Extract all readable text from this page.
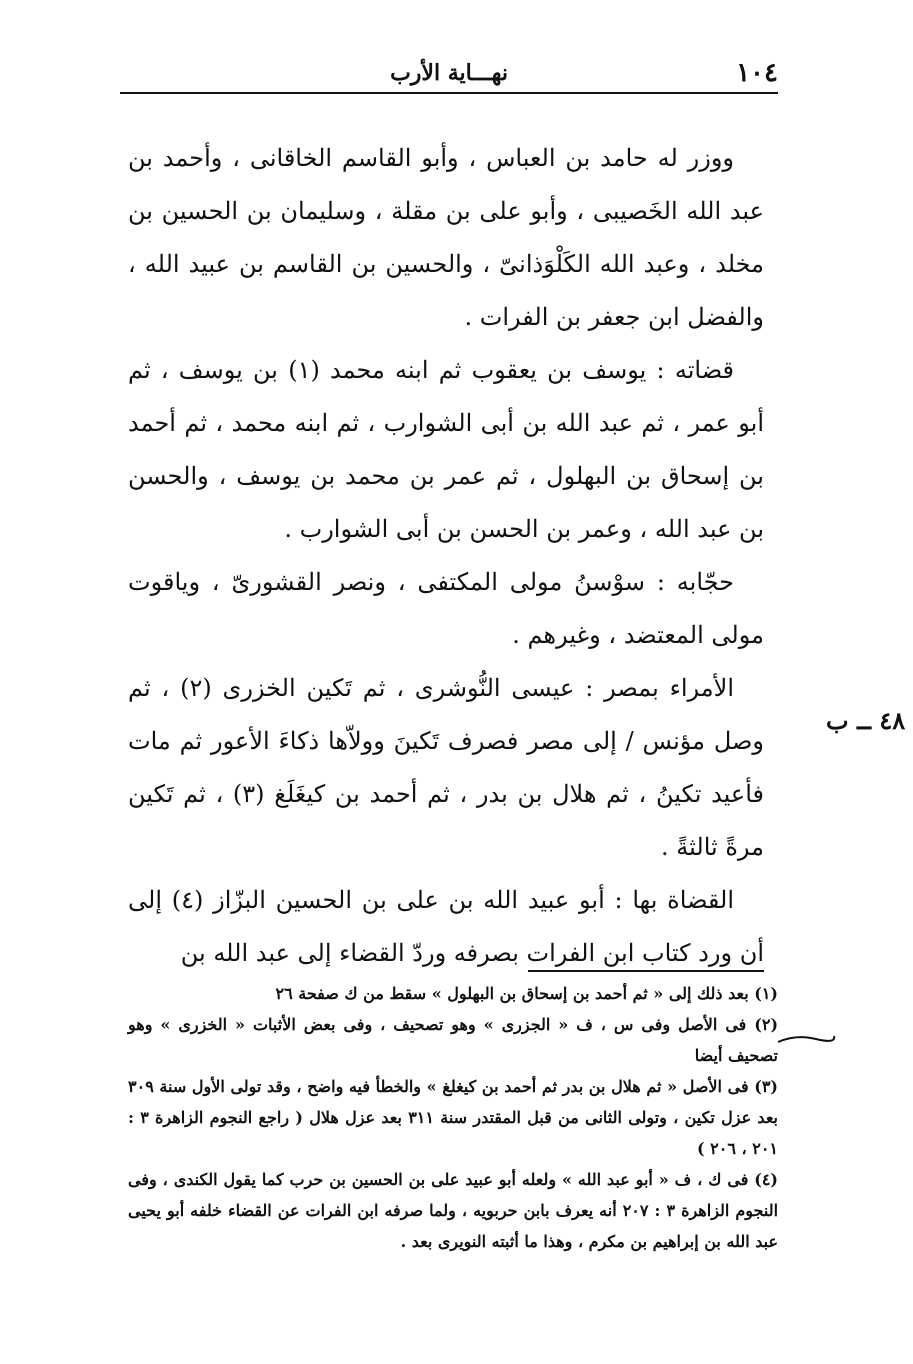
١٠٤
نهـــاية الأرب
٤٨ ــ ب

ووزر له حامد بن العباس ، وأبو القاسم الخاقانى ، وأحمد بن عبد الله الخَصيبى ، وأبو على بن مقلة ، وسليمان بن الحسين بن مخلد ، وعبد الله الكَلْوَذانىّ ، والحسين بن القاسم بن عبيد الله ، والفضل ابن جعفر بن الفرات .

قضاته : يوسف بن يعقوب ثم ابنه محمد (١) بن يوسف ، ثم أبو عمر ، ثم عبد الله بن أبى الشوارب ، ثم ابنه محمد ، ثم أحمد بن إسحاق بن البهلول ، ثم عمر بن محمد بن يوسف ، والحسن بن عبد الله ، وعمر بن الحسن بن أبى الشوارب .

حجّابه : سوْسنُ مولى المكتفى ، ونصر القشورىّ ، وياقوت مولى المعتضد ، وغيرهم .

الأمراء بمصر : عيسى النُّوشرى ، ثم تَكين الخزرى (٢) ، ثم وصل مؤنس / إلى مصر فصرف تَكينَ وولاّها ذكاءَ الأعور ثم مات فأعيد تكينُ ، ثم هلال بن بدر ، ثم أحمد بن كيغَلَغ (٣) ، ثم تَكين مرةً ثالثةً .

القضاة بها : أبو عبيد الله بن على بن الحسين البزّاز (٤) إلى أن ورد كتاب ابن الفرات بصرفه وردّ القضاء إلى عبد الله بن

(١) بعد ذلك إلى « ثم أحمد بن إسحاق بن البهلول » سقط من ك صفحة ٢٦

(٢) فى الأصل وفى س ، ف « الجزرى » وهو تصحيف ، وفى بعض الأثبات « الخزرى » وهو تصحيف أيضا

(٣) فى الأصل « ثم هلال بن بدر ثم أحمد بن كيغلغ » والخطأ فيه واضح ، وقد تولى الأول سنة ٣٠٩ بعد عزل تكين ، وتولى الثانى من قبل المقتدر سنة ٣١١ بعد عزل هلال ( راجع النجوم الزاهرة ٣ : ٢٠١ ، ٢٠٦ )

(٤) فى ك ، ف « أبو عبد الله » ولعله أبو عبيد على بن الحسين بن حرب كما يقول الكندى ، وفى النجوم الزاهرة ٣ : ٢٠٧ أنه يعرف بابن حربويه ، ولما صرفه ابن الفرات عن القضاء خلفه أبو يحيى عبد الله بن إبراهيم بن مكرم ، وهذا ما أثبته النويرى بعد .
